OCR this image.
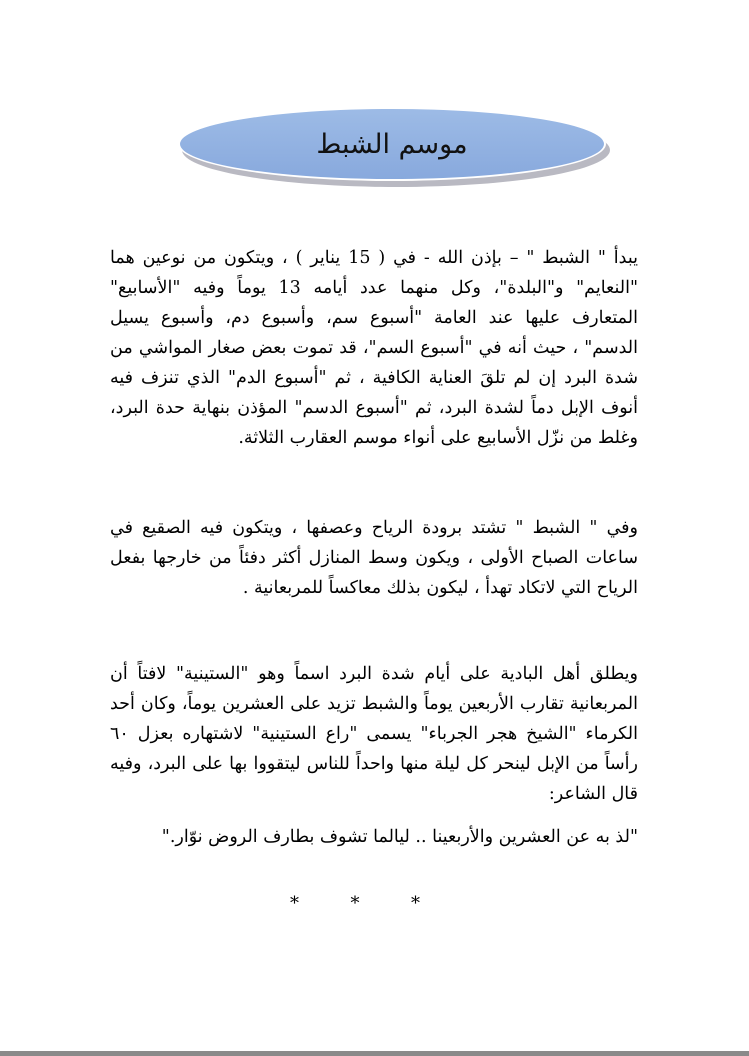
موسم الشبط

يبدأ " الشبط " – بإذن الله - في ( 15 يناير ) ، ويتكون من نوعين هما "النعايم" و"البلدة"، وكل منهما عدد أيامه 13 يوماً وفيه "الأسابيع" المتعارف عليها عند العامة "أسبوع سم، وأسبوع دم، وأسبوع يسيل الدسم" ، حيث أنه في "أسبوع السم"، قد تموت بعض صغار المواشي من شدة البرد إن لم تلقَ العناية الكافية ، ثم "أسبوع الدم" الذي تنزف فيه أنوف الإبل دماً لشدة البرد، ثم "أسبوع الدسم" المؤذن بنهاية حدة البرد، وغلط من نزّل الأسابيع على أنواء موسم العقارب الثلاثة.

وفي " الشبط " تشتد برودة الرياح وعصفها ، ويتكون فيه الصقيع في ساعات الصباح الأولى ، ويكون وسط المنازل أكثر دفئاً من خارجها بفعل الرياح التي لاتكاد تهدأ ، ليكون بذلك معاكساً للمربعانية .

ويطلق أهل البادية على أيام شدة البرد اسماً وهو "الستينية" لافتاً أن المربعانية تقارب الأربعين يوماً والشبط تزيد على العشرين يوماً، وكان أحد الكرماء "الشيخ هجر الجرباء" يسمى "راع الستينية" لاشتهاره بعزل ٦٠ رأساً من الإبل لينحر كل ليلة منها واحداً للناس ليتقووا بها على البرد، وفيه قال الشاعر:

"لذ به عن العشرين والأربعينا .. ليالما تشوف بطارف الروض نوّار."
*	*	*
